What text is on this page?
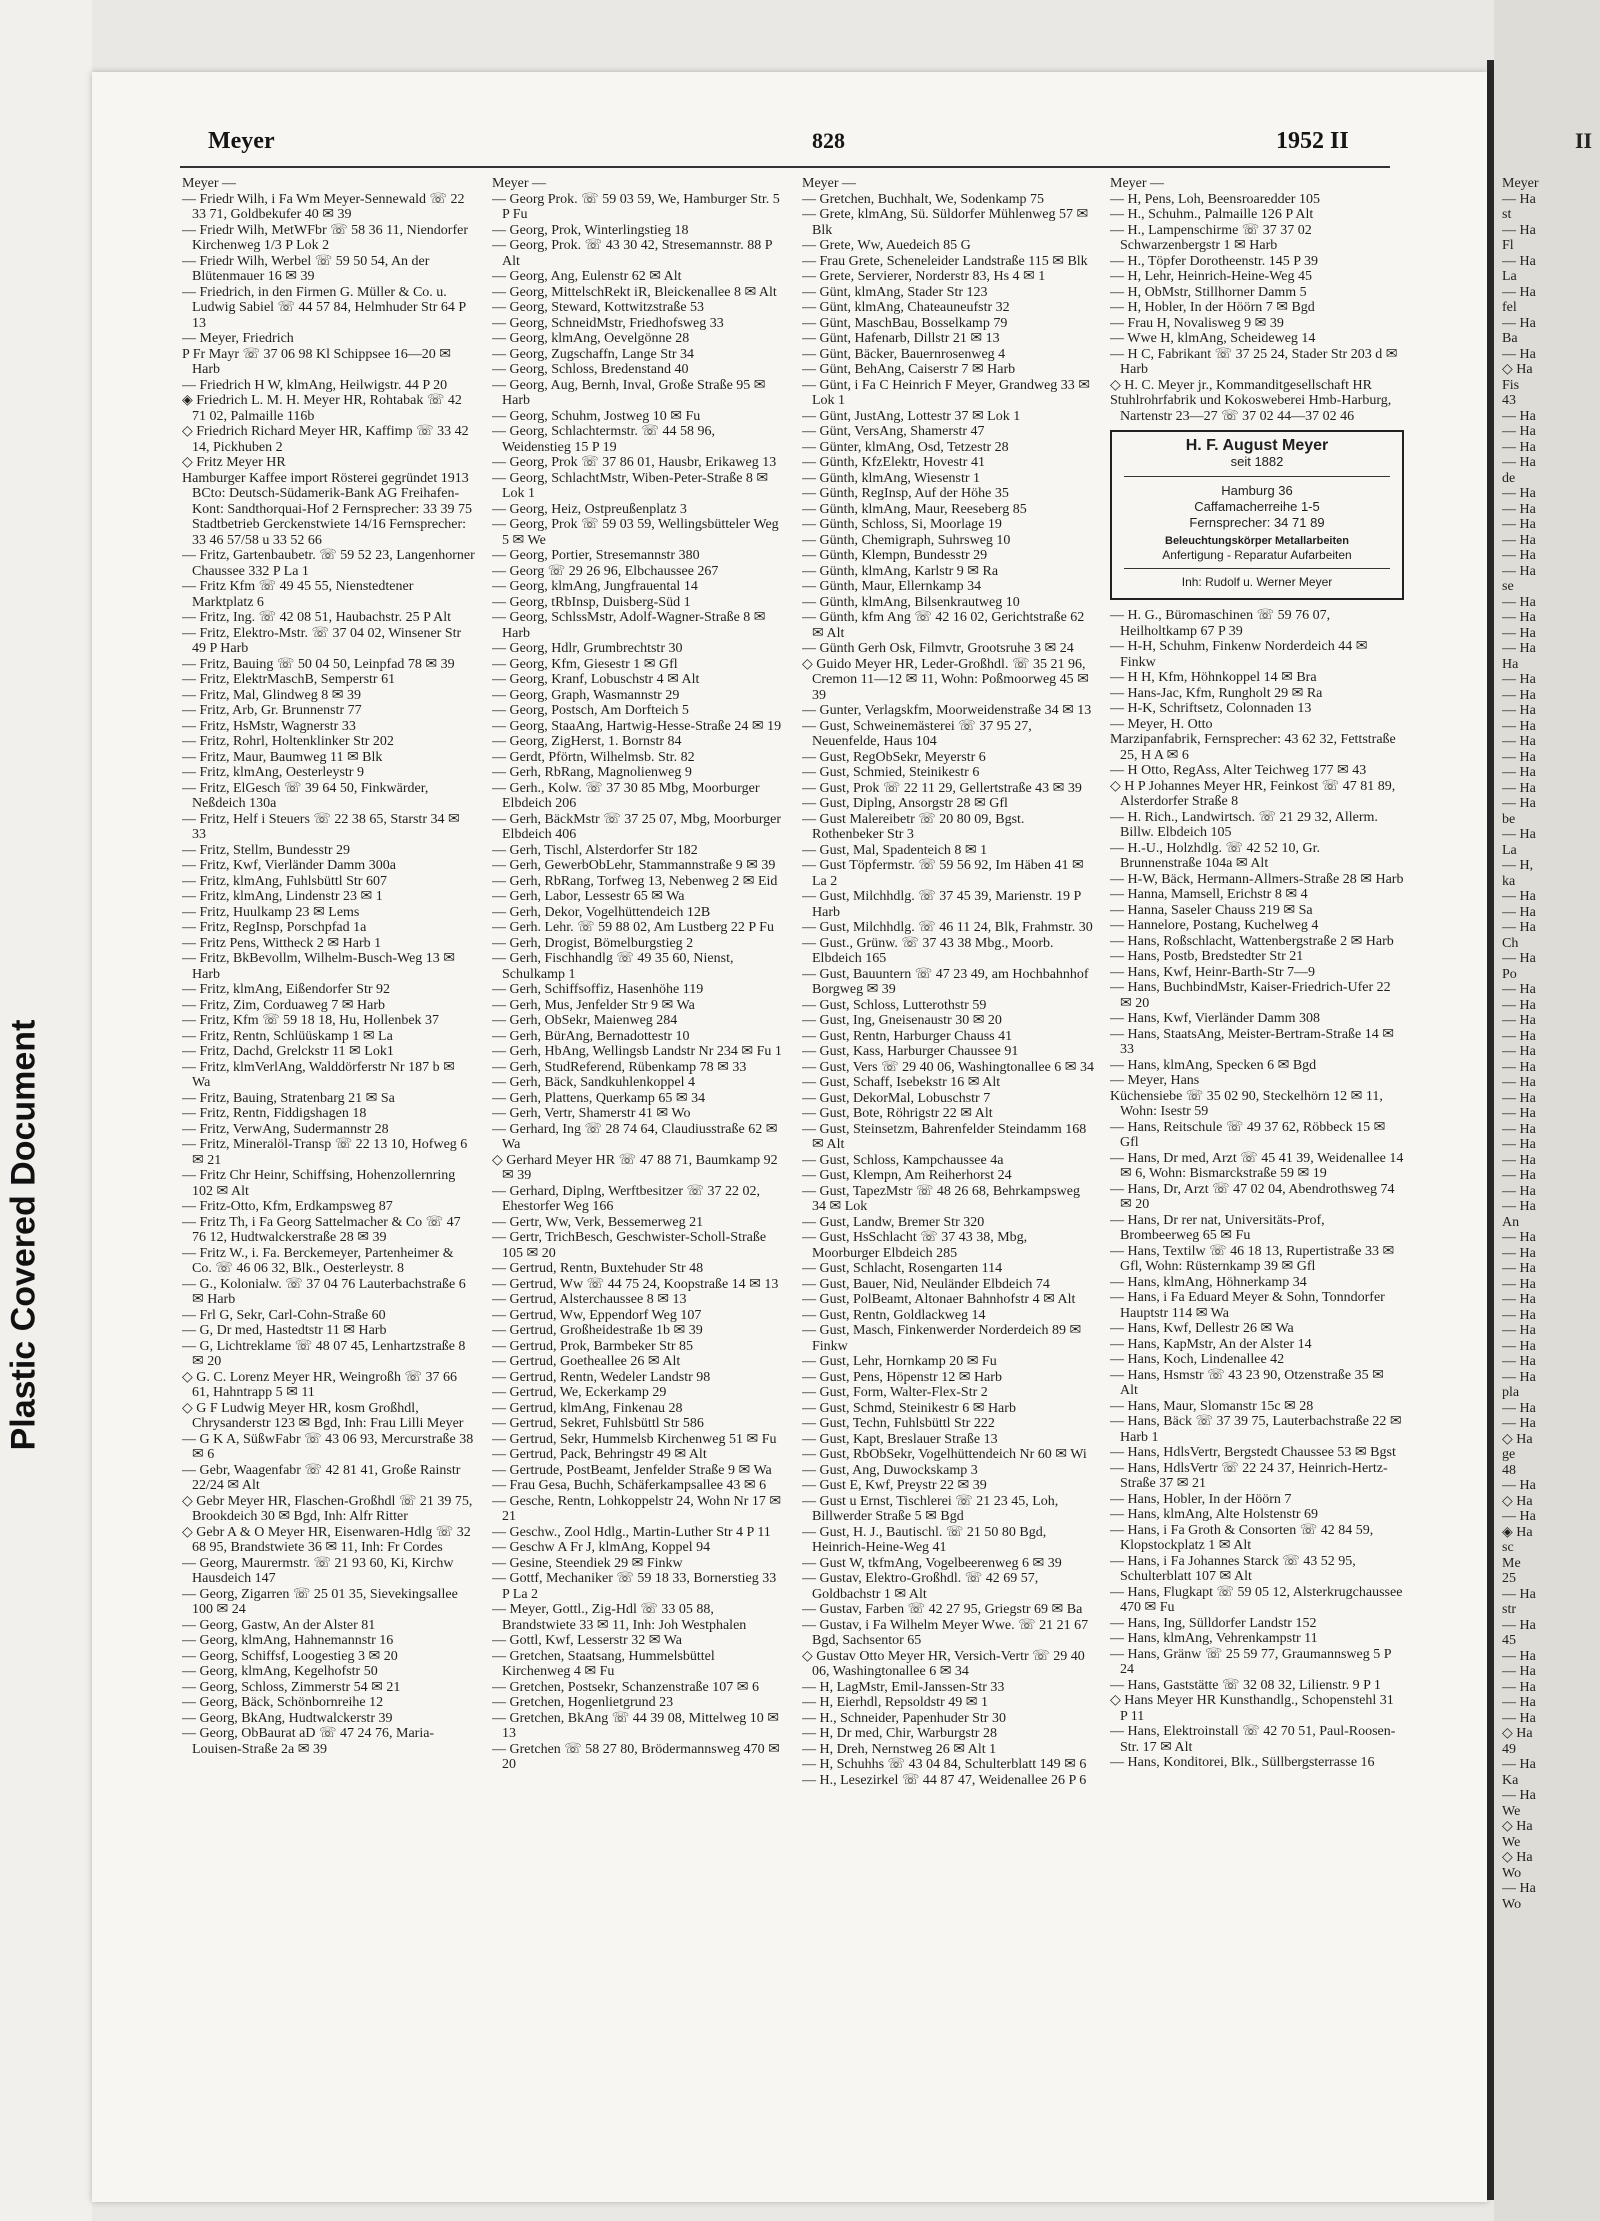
Plastic Covered Document
Meyer	828	1952 II	II

Meyer —

— Friedr Wilh, i Fa Wm Meyer-Sennewald ☏ 22 33 71, Goldbekufer 40 ✉ 39

— Friedr Wilh, MetWFbr ☏ 58 36 11, Niendorfer Kirchenweg 1/3 P Lok 2

— Friedr Wilh, Werbel ☏ 59 50 54, An der Blütenmauer 16 ✉ 39

— Friedrich, in den Firmen G. Müller & Co. u. Ludwig Sabiel ☏ 44 57 84, Helmhuder Str 64 P 13

— Meyer, Friedrich

P Fr Mayr ☏ 37 06 98 Kl Schippsee 16—20 ✉ Harb

— Friedrich H W, klmAng, Heilwigstr. 44 P 20

◈ Friedrich L. M. H. Meyer HR, Rohtabak ☏ 42 71 02, Palmaille 116b

◇ Friedrich Richard Meyer HR, Kaffimp ☏ 33 42 14, Pickhuben 2

◇ Fritz Meyer HR

Hamburger Kaffee import Rösterei gegründet 1913 BCto: Deutsch-Südamerik-Bank AG Freihafen-Kont: Sandthorquai-Hof 2 Fernsprecher: 33 39 75 Stadtbetrieb Gerckenstwiete 14/16 Fernsprecher: 33 46 57/58 u 33 52 66

— Fritz, Gartenbaubetr. ☏ 59 52 23, Langenhorner Chaussee 332 P La 1

— Fritz Kfm ☏ 49 45 55, Nienstedtener Marktplatz 6

— Fritz, Ing. ☏ 42 08 51, Haubachstr. 25 P Alt

— Fritz, Elektro-Mstr. ☏ 37 04 02, Winsener Str 49 P Harb

— Fritz, Bauing ☏ 50 04 50, Leinpfad 78 ✉ 39

— Fritz, ElektrMaschB, Semperstr 61

— Fritz, Mal, Glindweg 8 ✉ 39

— Fritz, Arb, Gr. Brunnenstr 77

— Fritz, HsMstr, Wagnerstr 33

— Fritz, Rohrl, Holtenklinker Str 202

— Fritz, Maur, Baumweg 11 ✉ Blk

— Fritz, klmAng, Oesterleystr 9

— Fritz, ElGesch ☏ 39 64 50, Finkwärder, Neßdeich 130a

— Fritz, Helf i Steuers ☏ 22 38 65, Starstr 34 ✉ 33

— Fritz, Stellm, Bundesstr 29

— Fritz, Kwf, Vierländer Damm 300a

— Fritz, klmAng, Fuhlsbüttl Str 607

— Fritz, klmAng, Lindenstr 23 ✉ 1

— Fritz, Huulkamp 23 ✉ Lems

— Fritz, RegInsp, Porschpfad 1a

— Fritz Pens, Wittheck 2 ✉ Harb 1

— Fritz, BkBevollm, Wilhelm-Busch-Weg 13 ✉ Harb

— Fritz, klmAng, Eißendorfer Str 92

— Fritz, Zim, Corduaweg 7 ✉ Harb

— Fritz, Kfm ☏ 59 18 18, Hu, Hollenbek 37

— Fritz, Rentn, Schlüüskamp 1 ✉ La

— Fritz, Dachd, Grelckstr 11 ✉ Lok1

— Fritz, klmVerlAng, Walddörferstr Nr 187 b ✉ Wa

— Fritz, Bauing, Stratenbarg 21 ✉ Sa

— Fritz, Rentn, Fiddigshagen 18

— Fritz, VerwAng, Sudermannstr 28

— Fritz, Mineralöl-Transp ☏ 22 13 10, Hofweg 6 ✉ 21

— Fritz Chr Heinr, Schiffsing, Hohenzollernring 102 ✉ Alt

— Fritz-Otto, Kfm, Erdkampsweg 87

— Fritz Th, i Fa Georg Sattelmacher & Co ☏ 47 76 12, Hudtwalckerstraße 28 ✉ 39

— Fritz W., i. Fa. Berckemeyer, Partenheimer & Co. ☏ 46 06 32, Blk., Oesterleystr. 8

— G., Kolonialw. ☏ 37 04 76 Lauterbachstraße 6 ✉ Harb

— Frl G, Sekr, Carl-Cohn-Straße 60

— G, Dr med, Hastedtstr 11 ✉ Harb

— G, Lichtreklame ☏ 48 07 45, Lenhartzstraße 8 ✉ 20

◇ G. C. Lorenz Meyer HR, Weingroßh ☏ 37 66 61, Hahntrapp 5 ✉ 11

◇ G F Ludwig Meyer HR, kosm Großhdl, Chrysanderstr 123 ✉ Bgd, Inh: Frau Lilli Meyer

— G K A, SüßwFabr ☏ 43 06 93, Mercurstraße 38 ✉ 6

— Gebr, Waagenfabr ☏ 42 81 41, Große Rainstr 22/24 ✉ Alt

◇ Gebr Meyer HR, Flaschen-Großhdl ☏ 21 39 75, Brookdeich 30 ✉ Bgd, Inh: Alfr Ritter

◇ Gebr A & O Meyer HR, Eisenwaren-Hdlg ☏ 32 68 95, Brandstwiete 36 ✉ 11, Inh: Fr Cordes

— Georg, Maurermstr. ☏ 21 93 60, Ki, Kirchw Hausdeich 147

— Georg, Zigarren ☏ 25 01 35, Sievekingsallee 100 ✉ 24

— Georg, Gastw, An der Alster 81

— Georg, klmAng, Hahnemannstr 16

— Georg, Schiffsf, Loogestieg 3 ✉ 20

— Georg, klmAng, Kegelhofstr 50

— Georg, Schloss, Zimmerstr 54 ✉ 21

— Georg, Bäck, Schönbornreihe 12

— Georg, BkAng, Hudtwalckerstr 39

— Georg, ObBaurat aD ☏ 47 24 76, Maria-Louisen-Straße 2a ✉ 39

Meyer —

— Georg Prok. ☏ 59 03 59, We, Hamburger Str. 5 P Fu

— Georg, Prok, Winterlingstieg 18

— Georg, Prok. ☏ 43 30 42, Stresemannstr. 88 P Alt

— Georg, Ang, Eulenstr 62 ✉ Alt

— Georg, MittelschRekt iR, Bleickenallee 8 ✉ Alt

— Georg, Steward, Kottwitzstraße 53

— Georg, SchneidMstr, Friedhofsweg 33

— Georg, klmAng, Oevelgönne 28

— Georg, Zugschaffn, Lange Str 34

— Georg, Schloss, Bredenstand 40

— Georg, Aug, Bernh, Inval, Große Straße 95 ✉ Harb

— Georg, Schuhm, Jostweg 10 ✉ Fu

— Georg, Schlachtermstr. ☏ 44 58 96, Weidenstieg 15 P 19

— Georg, Prok ☏ 37 86 01, Hausbr, Erikaweg 13

— Georg, SchlachtMstr, Wiben-Peter-Straße 8 ✉ Lok 1

— Georg, Heiz, Ostpreußenplatz 3

— Georg, Prok ☏ 59 03 59, Wellingsbütteler Weg 5 ✉ We

— Georg, Portier, Stresemannstr 380

— Georg ☏ 29 26 96, Elbchaussee 267

— Georg, klmAng, Jungfrauental 14

— Georg, tRbInsp, Duisberg-Süd 1

— Georg, SchlssMstr, Adolf-Wagner-Straße 8 ✉ Harb

— Georg, Hdlr, Grumbrechtstr 30

— Georg, Kfm, Giesestr 1 ✉ Gfl

— Georg, Kranf, Lobuschstr 4 ✉ Alt

— Georg, Graph, Wasmannstr 29

— Georg, Postsch, Am Dorfteich 5

— Georg, StaaAng, Hartwig-Hesse-Straße 24 ✉ 19

— Georg, ZigHerst, 1. Bornstr 84

— Gerdt, Pförtn, Wilhelmsb. Str. 82

— Gerh, RbRang, Magnolienweg 9

— Gerh., Kolw. ☏ 37 30 85 Mbg, Moorburger Elbdeich 206

— Gerh, BäckMstr ☏ 37 25 07, Mbg, Moorburger Elbdeich 406

— Gerh, Tischl, Alsterdorfer Str 182

— Gerh, GewerbObLehr, Stammannstraße 9 ✉ 39

— Gerh, RbRang, Torfweg 13, Nebenweg 2 ✉ Eid

— Gerh, Labor, Lessestr 65 ✉ Wa

— Gerh, Dekor, Vogelhüttendeich 12B

— Gerh. Lehr. ☏ 59 88 02, Am Lustberg 22 P Fu

— Gerh, Drogist, Bömelburgstieg 2

— Gerh, Fischhandlg ☏ 49 35 60, Nienst, Schulkamp 1

— Gerh, Schiffsoffiz, Hasenhöhe 119

— Gerh, Mus, Jenfelder Str 9 ✉ Wa

— Gerh, ObSekr, Maienweg 284

— Gerh, BürAng, Bernadottestr 10

— Gerh, HbAng, Wellingsb Landstr Nr 234 ✉ Fu 1

— Gerh, StudReferend, Rübenkamp 78 ✉ 33

— Gerh, Bäck, Sandkuhlenkoppel 4

— Gerh, Plattens, Querkamp 65 ✉ 34

— Gerh, Vertr, Shamerstr 41 ✉ Wo

— Gerhard, Ing ☏ 28 74 64, Claudiusstraße 62 ✉ Wa

◇ Gerhard Meyer HR ☏ 47 88 71, Baumkamp 92 ✉ 39

— Gerhard, Diplng, Werftbesitzer ☏ 37 22 02, Ehestorfer Weg 166

— Gertr, Ww, Verk, Bessemerweg 21

— Gertr, TrichBesch, Geschwister-Scholl-Straße 105 ✉ 20

— Gertrud, Rentn, Buxtehuder Str 48

— Gertrud, Ww ☏ 44 75 24, Koopstraße 14 ✉ 13

— Gertrud, Alsterchaussee 8 ✉ 13

— Gertrud, Ww, Eppendorf Weg 107

— Gertrud, Großheidestraße 1b ✉ 39

— Gertrud, Prok, Barmbeker Str 85

— Gertrud, Goetheallee 26 ✉ Alt

— Gertrud, Rentn, Wedeler Landstr 98

— Gertrud, We, Eckerkamp 29

— Gertrud, klmAng, Finkenau 28

— Gertrud, Sekret, Fuhlsbüttl Str 586

— Gertrud, Sekr, Hummelsb Kirchenweg 51 ✉ Fu

— Gertrud, Pack, Behringstr 49 ✉ Alt

— Gertrude, PostBeamt, Jenfelder Straße 9 ✉ Wa

— Frau Gesa, Buchh, Schäferkampsallee 43 ✉ 6

— Gesche, Rentn, Lohkoppelstr 24, Wohn Nr 17 ✉ 21

— Geschw., Zool Hdlg., Martin-Luther Str 4 P 11

— Geschw A Fr J, klmAng, Koppel 94

— Gesine, Steendiek 29 ✉ Finkw

— Gottf, Mechaniker ☏ 59 18 33, Bornerstieg 33 P La 2

— Meyer, Gottl., Zig-Hdl ☏ 33 05 88, Brandstwiete 33 ✉ 11, Inh: Joh Westphalen

— Gottl, Kwf, Lesserstr 32 ✉ Wa

— Gretchen, Staatsang, Hummelsbüttel Kirchenweg 4 ✉ Fu

— Gretchen, Postsekr, Schanzenstraße 107 ✉ 6

— Gretchen, Hogenlietgrund 23

— Gretchen, BkAng ☏ 44 39 08, Mittelweg 10 ✉ 13

— Gretchen ☏ 58 27 80, Brödermannsweg 470 ✉ 20

Meyer —

— Gretchen, Buchhalt, We, Sodenkamp 75

— Grete, klmAng, Sü. Süldorfer Mühlenweg 57 ✉ Blk

— Grete, Ww, Auedeich 85 G

— Frau Grete, Scheneleider Landstraße 115 ✉ Blk

— Grete, Servierer, Norderstr 83, Hs 4 ✉ 1

— Günt, klmAng, Stader Str 123

— Günt, klmAng, Chateauneufstr 32

— Günt, MaschBau, Bosselkamp 79

— Günt, Hafenarb, Dillstr 21 ✉ 13

— Günt, Bäcker, Bauernrosenweg 4

— Günt, BehAng, Caiserstr 7 ✉ Harb

— Günt, i Fa C Heinrich F Meyer, Grandweg 33 ✉ Lok 1

— Günt, JustAng, Lottestr 37 ✉ Lok 1

— Günt, VersAng, Shamerstr 47

— Günter, klmAng, Osd, Tetzestr 28

— Günth, KfzElektr, Hovestr 41

— Günth, klmAng, Wiesenstr 1

— Günth, RegInsp, Auf der Höhe 35

— Günth, klmAng, Maur, Reeseberg 85

— Günth, Schloss, Si, Moorlage 19

— Günth, Chemigraph, Suhrsweg 10

— Günth, Klempn, Bundesstr 29

— Günth, klmAng, Karlstr 9 ✉ Ra

— Günth, Maur, Ellernkamp 34

— Günth, klmAng, Bilsenkrautweg 10

— Günth, kfm Ang ☏ 42 16 02, Gerichtstraße 62 ✉ Alt

— Günth Gerh Osk, Filmvtr, Grootsruhe 3 ✉ 24

◇ Guido Meyer HR, Leder-Großhdl. ☏ 35 21 96, Cremon 11—12 ✉ 11, Wohn: Poßmoorweg 45 ✉ 39

— Gunter, Verlagskfm, Moorweidenstraße 34 ✉ 13

— Gust, Schweinemästerei ☏ 37 95 27, Neuenfelde, Haus 104

— Gust, RegObSekr, Meyerstr 6

— Gust, Schmied, Steinikestr 6

— Gust, Prok ☏ 22 11 29, Gellertstraße 43 ✉ 39

— Gust, Diplng, Ansorgstr 28 ✉ Gfl

— Gust Malereibetr ☏ 20 80 09, Bgst. Rothenbeker Str 3

— Gust, Mal, Spadenteich 8 ✉ 1

— Gust Töpfermstr. ☏ 59 56 92, Im Häben 41 ✉ La 2

— Gust, Milchhdlg. ☏ 37 45 39, Marienstr. 19 P Harb

— Gust, Milchhdlg. ☏ 46 11 24, Blk, Frahmstr. 30

— Gust., Grünw. ☏ 37 43 38 Mbg., Moorb. Elbdeich 165

— Gust, Bauuntern ☏ 47 23 49, am Hochbahnhof Borgweg ✉ 39

— Gust, Schloss, Lutterothstr 59

— Gust, Ing, Gneisenaustr 30 ✉ 20

— Gust, Rentn, Harburger Chauss 41

— Gust, Kass, Harburger Chaussee 91

— Gust, Vers ☏ 29 40 06, Washingtonallee 6 ✉ 34

— Gust, Schaff, Isebekstr 16 ✉ Alt

— Gust, DekorMal, Lobuschstr 7

— Gust, Bote, Röhrigstr 22 ✉ Alt

— Gust, Steinsetzm, Bahrenfelder Steindamm 168 ✉ Alt

— Gust, Schloss, Kampchaussee 4a

— Gust, Klempn, Am Reiherhorst 24

— Gust, TapezMstr ☏ 48 26 68, Behrkampsweg 34 ✉ Lok

— Gust, Landw, Bremer Str 320

— Gust, HsSchlacht ☏ 37 43 38, Mbg, Moorburger Elbdeich 285

— Gust, Schlacht, Rosengarten 114

— Gust, Bauer, Nid, Neuländer Elbdeich 74

— Gust, PolBeamt, Altonaer Bahnhofstr 4 ✉ Alt

— Gust, Rentn, Goldlackweg 14

— Gust, Masch, Finkenwerder Norderdeich 89 ✉ Finkw

— Gust, Lehr, Hornkamp 20 ✉ Fu

— Gust, Pens, Höpenstr 12 ✉ Harb

— Gust, Form, Walter-Flex-Str 2

— Gust, Schmd, Steinikestr 6 ✉ Harb

— Gust, Techn, Fuhlsbüttl Str 222

— Gust, Kapt, Breslauer Straße 13

— Gust, RbObSekr, Vogelhüttendeich Nr 60 ✉ Wi

— Gust, Ang, Duwockskamp 3

— Gust E, Kwf, Preystr 22 ✉ 39

— Gust u Ernst, Tischlerei ☏ 21 23 45, Loh, Billwerder Straße 5 ✉ Bgd

— Gust, H. J., Bautischl. ☏ 21 50 80 Bgd, Heinrich-Heine-Weg 41

— Gust W, tkfmAng, Vogelbeerenweg 6 ✉ 39

— Gustav, Elektro-Großhdl. ☏ 42 69 57, Goldbachstr 1 ✉ Alt

— Gustav, Farben ☏ 42 27 95, Griegstr 69 ✉ Ba

— Gustav, i Fa Wilhelm Meyer Wwe. ☏ 21 21 67 Bgd, Sachsentor 65

◇ Gustav Otto Meyer HR, Versich-Vertr ☏ 29 40 06, Washingtonallee 6 ✉ 34

— H, LagMstr, Emil-Janssen-Str 33

— H, Eierhdl, Repsoldstr 49 ✉ 1

— H., Schneider, Papenhuder Str 30

— H, Dr med, Chir, Warburgstr 28

— H, Dreh, Nernstweg 26 ✉ Alt 1

— H, Schuhhs ☏ 43 04 84, Schulterblatt 149 ✉ 6

— H., Lesezirkel ☏ 44 87 47, Weidenallee 26 P 6

Meyer —

— H, Pens, Loh, Beensroaredder 105

— H., Schuhm., Palmaille 126 P Alt

— H., Lampenschirme ☏ 37 37 02 Schwarzenbergstr 1 ✉ Harb

— H., Töpfer Dorotheenstr. 145 P 39

— H, Lehr, Heinrich-Heine-Weg 45

— H, ObMstr, Stillhorner Damm 5

— H, Hobler, In der Höörn 7 ✉ Bgd

— Frau H, Novalisweg 9 ✉ 39

— Wwe H, klmAng, Scheideweg 14

— H C, Fabrikant ☏ 37 25 24, Stader Str 203 d ✉ Harb

◇ H. C. Meyer jr., Kommanditgesellschaft HR

Stuhlrohrfabrik und Kokosweberei Hmb-Harburg, Nartenstr 23—27 ☏ 37 02 44—37 02 46

H. F. August Meyer
seit 1882
Hamburg 36
Caffamacherreihe 1-5
Fernsprecher: 34 71 89
Beleuchtungskörper Metallarbeiten
Anfertigung - Reparatur Aufarbeiten
Inh: Rudolf u. Werner Meyer

— H. G., Büromaschinen ☏ 59 76 07, Heilholtkamp 67 P 39

— H-H, Schuhm, Finkenw Norderdeich 44 ✉ Finkw

— H H, Kfm, Höhnkoppel 14 ✉ Bra

— Hans-Jac, Kfm, Rungholt 29 ✉ Ra

— H-K, Schriftsetz, Colonnaden 13

— Meyer, H. Otto

Marzipanfabrik, Fernsprecher: 43 62 32, Fettstraße 25, H A ✉ 6

— H Otto, RegAss, Alter Teichweg 177 ✉ 43

◇ H P Johannes Meyer HR, Feinkost ☏ 47 81 89, Alsterdorfer Straße 8

— H. Rich., Landwirtsch. ☏ 21 29 32, Allerm. Billw. Elbdeich 105

— H.-U., Holzhdlg. ☏ 42 52 10, Gr. Brunnenstraße 104a ✉ Alt

— H-W, Bäck, Hermann-Allmers-Straße 28 ✉ Harb

— Hanna, Mamsell, Erichstr 8 ✉ 4

— Hanna, Saseler Chauss 219 ✉ Sa

— Hannelore, Postang, Kuchelweg 4

— Hans, Roßschlacht, Wattenbergstraße 2 ✉ Harb

— Hans, Postb, Bredstedter Str 21

— Hans, Kwf, Heinr-Barth-Str 7—9

— Hans, BuchbindMstr, Kaiser-Friedrich-Ufer 22 ✉ 20

— Hans, Kwf, Vierländer Damm 308

— Hans, StaatsAng, Meister-Bertram-Straße 14 ✉ 33

— Hans, klmAng, Specken 6 ✉ Bgd

— Meyer, Hans

Küchensiebe ☏ 35 02 90, Steckelhörn 12 ✉ 11, Wohn: Isestr 59

— Hans, Reitschule ☏ 49 37 62, Röbbeck 15 ✉ Gfl

— Hans, Dr med, Arzt ☏ 45 41 39, Weidenallee 14 ✉ 6, Wohn: Bismarckstraße 59 ✉ 19

— Hans, Dr, Arzt ☏ 47 02 04, Abendrothsweg 74 ✉ 20

— Hans, Dr rer nat, Universitäts-Prof, Brombeerweg 65 ✉ Fu

— Hans, Textilw ☏ 46 18 13, Rupertistraße 33 ✉ Gfl, Wohn: Rüsternkamp 39 ✉ Gfl

— Hans, klmAng, Höhnerkamp 34

— Hans, i Fa Eduard Meyer & Sohn, Tonndorfer Hauptstr 114 ✉ Wa

— Hans, Kwf, Dellestr 26 ✉ Wa

— Hans, KapMstr, An der Alster 14

— Hans, Koch, Lindenallee 42

— Hans, Hsmstr ☏ 43 23 90, Otzenstraße 35 ✉ Alt

— Hans, Maur, Slomanstr 15c ✉ 28

— Hans, Bäck ☏ 37 39 75, Lauterbachstraße 22 ✉ Harb 1

— Hans, HdlsVertr, Bergstedt Chaussee 53 ✉ Bgst

— Hans, HdlsVertr ☏ 22 24 37, Heinrich-Hertz-Straße 37 ✉ 21

— Hans, Hobler, In der Höörn 7

— Hans, klmAng, Alte Holstenstr 69

— Hans, i Fa Groth & Consorten ☏ 42 84 59, Klopstockplatz 1 ✉ Alt

— Hans, i Fa Johannes Starck ☏ 43 52 95, Schulterblatt 107 ✉ Alt

— Hans, Flugkapt ☏ 59 05 12, Alsterkrugchaussee 470 ✉ Fu

— Hans, Ing, Sülldorfer Landstr 152

— Hans, klmAng, Vehrenkampstr 11

— Hans, Gränw ☏ 25 59 77, Graumannsweg 5 P 24

— Hans, Gaststätte ☏ 32 08 32, Lilienstr. 9 P 1

◇ Hans Meyer HR Kunsthandlg., Schopenstehl 31 P 11

— Hans, Elektroinstall ☏ 42 70 51, Paul-Roosen-Str. 17 ✉ Alt

— Hans, Konditorei, Blk., Süllbergsterrasse 16

Meyer

— Ha

st

— Ha

Fl

— Ha

La

— Ha

fel

— Ha

Ba

— Ha

◇ Ha

Fis

43

— Ha

— Ha

— Ha

— Ha

de

— Ha

— Ha

— Ha

— Ha

— Ha

— Ha

se

— Ha

— Ha

— Ha

— Ha

Ha

— Ha

— Ha

— Ha

— Ha

— Ha

— Ha

— Ha

— Ha

— Ha

be

— Ha

La

— H,

ka

— Ha

— Ha

— Ha

Ch

— Ha

Po

— Ha

— Ha

— Ha

— Ha

— Ha

— Ha

— Ha

— Ha

— Ha

— Ha

— Ha

— Ha

— Ha

— Ha

— Ha

An

— Ha

— Ha

— Ha

— Ha

— Ha

— Ha

— Ha

— Ha

— Ha

— Ha

pla

— Ha

— Ha

◇ Ha

ge

48

— Ha

◇ Ha

— Ha

◈ Ha

sc

Me

25

— Ha

str

— Ha

45

— Ha

— Ha

— Ha

— Ha

— Ha

◇ Ha

49

— Ha

Ka

— Ha

We

◇ Ha

We

◇ Ha

Wo

— Ha

Wo
